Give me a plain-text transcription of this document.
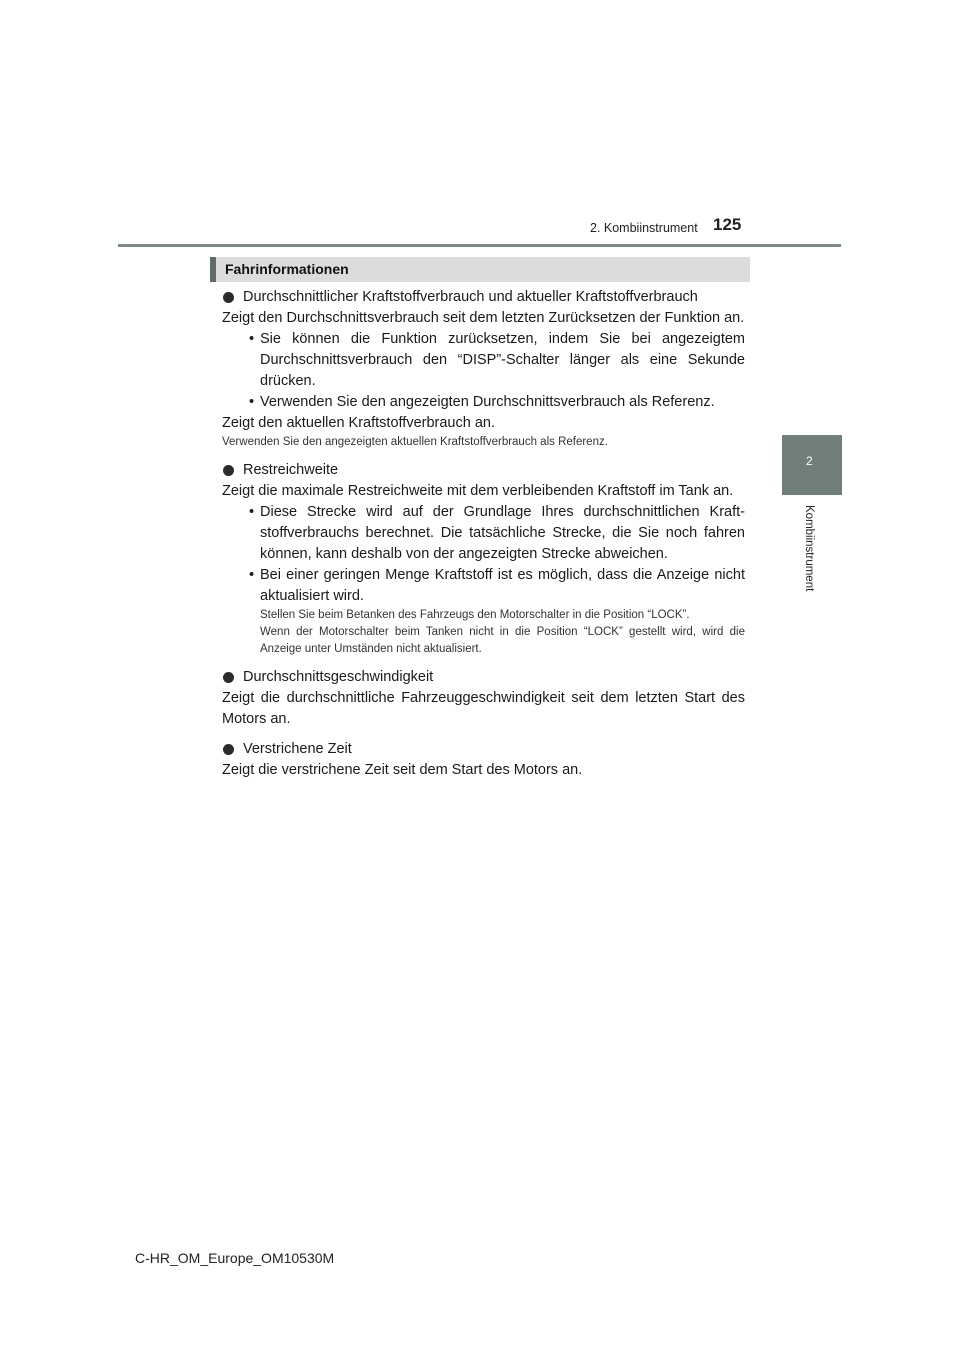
2. Kombiinstrument 125
2
Kombiinstrument
Fahrinformationen

Durchschnittlicher Kraftstoffverbrauch und aktueller Kraftstoffverbrauch

Zeigt den Durchschnittsverbrauch seit dem letzten Zurücksetzen der Funktion an.

• Sie können die Funktion zurücksetzen, indem Sie bei angezeigtem Durchschnittsverbrauch den “DISP”-Schalter länger als eine Sekunde drücken.
• Verwenden Sie den angezeigten Durchschnittsverbrauch als Referenz.

Zeigt den aktuellen Kraftstoffverbrauch an.

Verwenden Sie den angezeigten aktuellen Kraftstoffverbrauch als Referenz.

Restreichweite

Zeigt die maximale Restreichweite mit dem verbleibenden Kraftstoff im Tank an.

• Diese Strecke wird auf der Grundlage Ihres durchschnittlichen Kraftstoffverbrauchs berechnet. Die tatsächliche Strecke, die Sie noch fahren können, kann deshalb von der angezeigten Strecke abweichen.
• Bei einer geringen Menge Kraftstoff ist es möglich, dass die Anzeige nicht aktualisiert wird.

Stellen Sie beim Betanken des Fahrzeugs den Motorschalter in die Position “LOCK”.

Wenn der Motorschalter beim Tanken nicht in die Position “LOCK” gestellt wird, wird die Anzeige unter Umständen nicht aktualisiert.

Durchschnittsgeschwindigkeit

Zeigt die durchschnittliche Fahrzeuggeschwindigkeit seit dem letzten Start des Motors an.

Verstrichene Zeit

Zeigt die verstrichene Zeit seit dem Start des Motors an.

C-HR_OM_Europe_OM10530M
